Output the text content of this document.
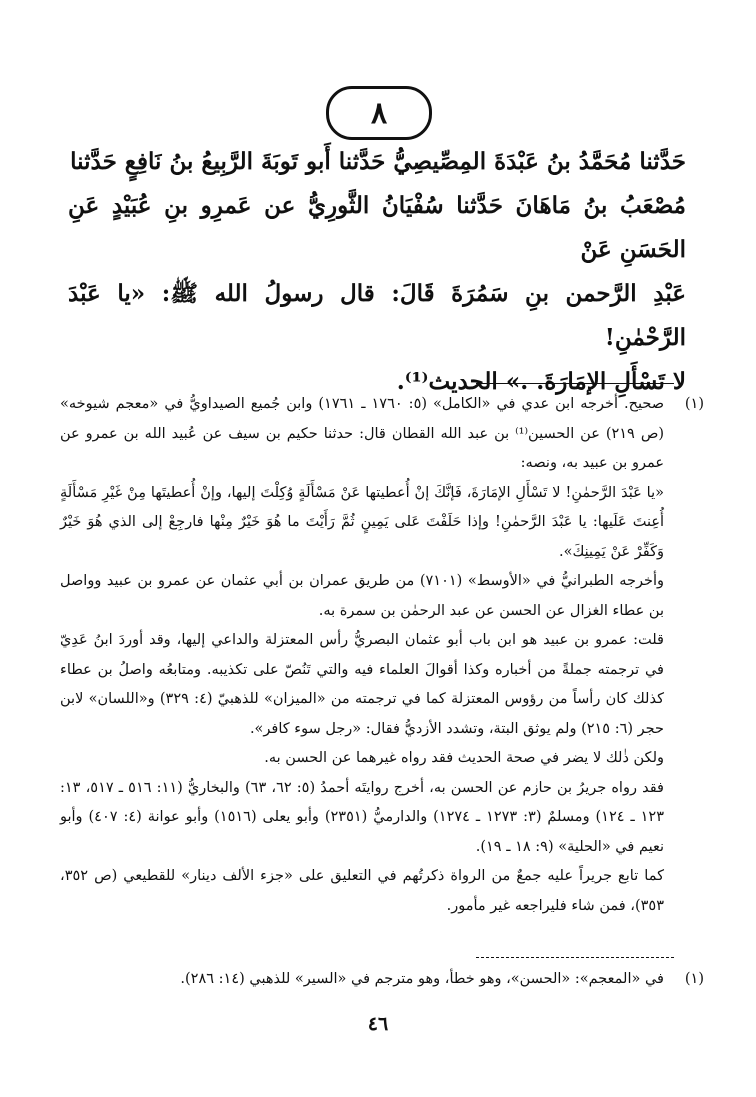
٨

حَدَّثنا مُحَمَّدُ بنُ عَبْدَةَ المِصِّيصِيُّ حَدَّثنا أَبو تَوبَةَ الرَّبِيعُ بنُ نَافِعٍ حَدَّثنا

مُصْعَبُ بنُ مَاهَانَ حَدَّثنا سُفْيَانُ الثَّورِيُّ عن عَمرِو بنِ عُبَيْدٍ عَنِ الحَسَنِ عَنْ

عَبْدِ الرَّحمن بنِ سَمُرَةَ قَالَ: قال رسولُ الله ﷺ: «يا عَبْدَ الرَّحْمٰنِ!

لا تَسْأَلِ الإمَارَةَ. .» الحديث⁽¹⁾.

(١)

صحيح. أخرجه ابن عدي في «الكامل» (٥: ١٧٦٠ ـ ١٧٦١) وابن جُميع الصيداويُّ في «معجم شيوخه» (ص ٢١٩) عن الحسين⁽¹⁾ بن عبد الله القطان قال: حدثنا حكيم بن سيف عن عُبيد الله بن عمرو عن عمرو بن عبيد به، ونصه:

«يا عَبْدَ الرَّحمٰنِ! لا تَسْأَلِ الإمَارَةَ، فَإنَّكَ إنْ أُعطيتها عَنْ مَسْأَلَةٍ وُكِلْتَ إليها، وإنْ أُعطيتَها مِنْ غَيْرِ مَسْأَلَةٍ أُعِنتَ عَلَيها: يا عَبْدَ الرَّحمٰنِ! وإذا حَلَفْتَ عَلى يَمِينٍ ثُمَّ رَأَيْتَ ما هُوَ خَيْرٌ مِنْها فارجِعْ إلى الذي هُوَ خَيْرٌ وَكَفِّرْ عَنْ يَمِينِكَ».

وأخرجه الطبرانيُّ في «الأوسط» (٧١٠١) من طريق عمران بن أبي عثمان عن عمرو بن عبيد وواصل بن عطاء الغزال عن الحسن عن عبد الرحمٰن بن سمرة به.

قلت: عمرو بن عبيد هو ابن باب أبو عثمان البصريُّ رأس المعتزلة والداعي إليها، وقد أوردَ ابنُ عَدِيّ في ترجمته جملةً من أخباره وكذا أقوالَ العلماء فيه والتي تَنُصّ على تكذيبه. ومتابعُه واصلُ بن عطاء كذلك كان رأساً من رؤوس المعتزلة كما في ترجمته من «الميزان» للذهبيّ (٤: ٣٢٩) و«اللسان» لابن حجر (٦: ٢١٥) ولم يوثق البتة، وتشدد الأزديُّ فقال: «رجل سوء كافر».

ولكن ذٰلك لا يضر في صحة الحديث فقد رواه غيرهما عن الحسن به.

فقد رواه جريرُ بن حازم عن الحسن به، أخرج روايتَه أحمدُ (٥: ٦٢، ٦٣) والبخاريُّ (١١: ٥١٦ ـ ٥١٧، ١٣: ١٢٣ ـ ١٢٤) ومسلمٌ (٣: ١٢٧٣ ـ ١٢٧٤) والدارميُّ (٢٣٥١) وأبو يعلى (١٥١٦) وأبو عوانة (٤: ٤٠٧) وأبو نعيم في «الحلية» (٩: ١٨ ـ ١٩).

كما تابع جريراً عليه جمعٌ من الرواة ذكرتُهم في التعليق على «جزء الألف دينار» للقطيعي (ص ٣٥٢، ٣٥٣)، فمن شاء فليراجعه غير مأمور.

(١)
في «المعجم»: «الحسن»، وهو خطأ، وهو مترجم في «السير» للذهبي (١٤: ٢٨٦).
٤٦
